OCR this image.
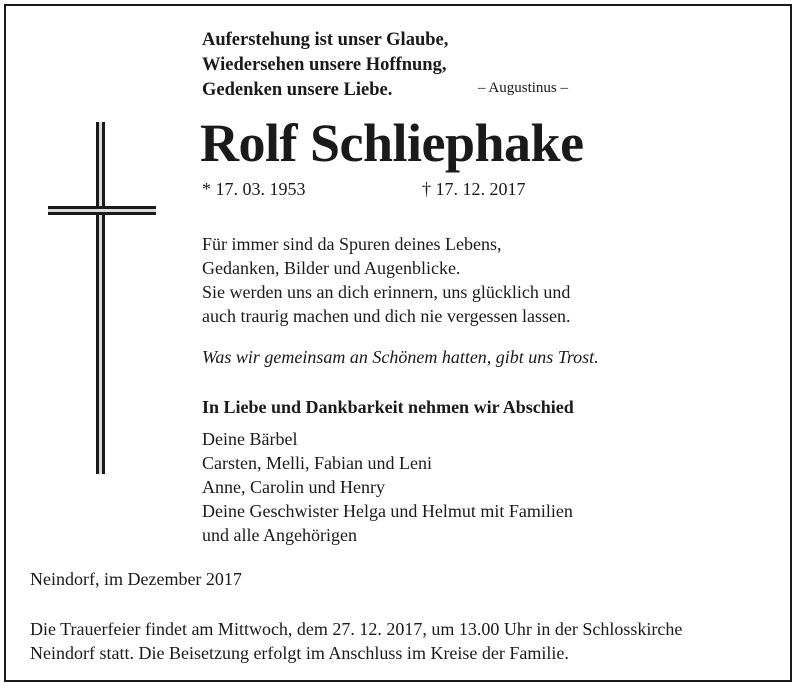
Auferstehung ist unser Glaube,
Wiedersehen unsere Hoffnung,
Gedenken unsere Liebe.	– Augustinus –
Rolf Schliephake
* 17. 03. 1953	† 17. 12. 2017
Für immer sind da Spuren deines Lebens,
Gedanken, Bilder und Augenblicke.
Sie werden uns an dich erinnern, uns glücklich und
auch traurig machen und dich nie vergessen lassen.
Was wir gemeinsam an Schönem hatten, gibt uns Trost.
In Liebe und Dankbarkeit nehmen wir Abschied
Deine Bärbel
Carsten, Melli, Fabian und Leni
Anne, Carolin und Henry
Deine Geschwister Helga und Helmut mit Familien
und alle Angehörigen
Neindorf, im Dezember 2017
Die Trauerfeier findet am Mittwoch, dem 27. 12. 2017, um 13.00 Uhr in der Schlosskirche
Neindorf statt. Die Beisetzung erfolgt im Anschluss im Kreise der Familie.
